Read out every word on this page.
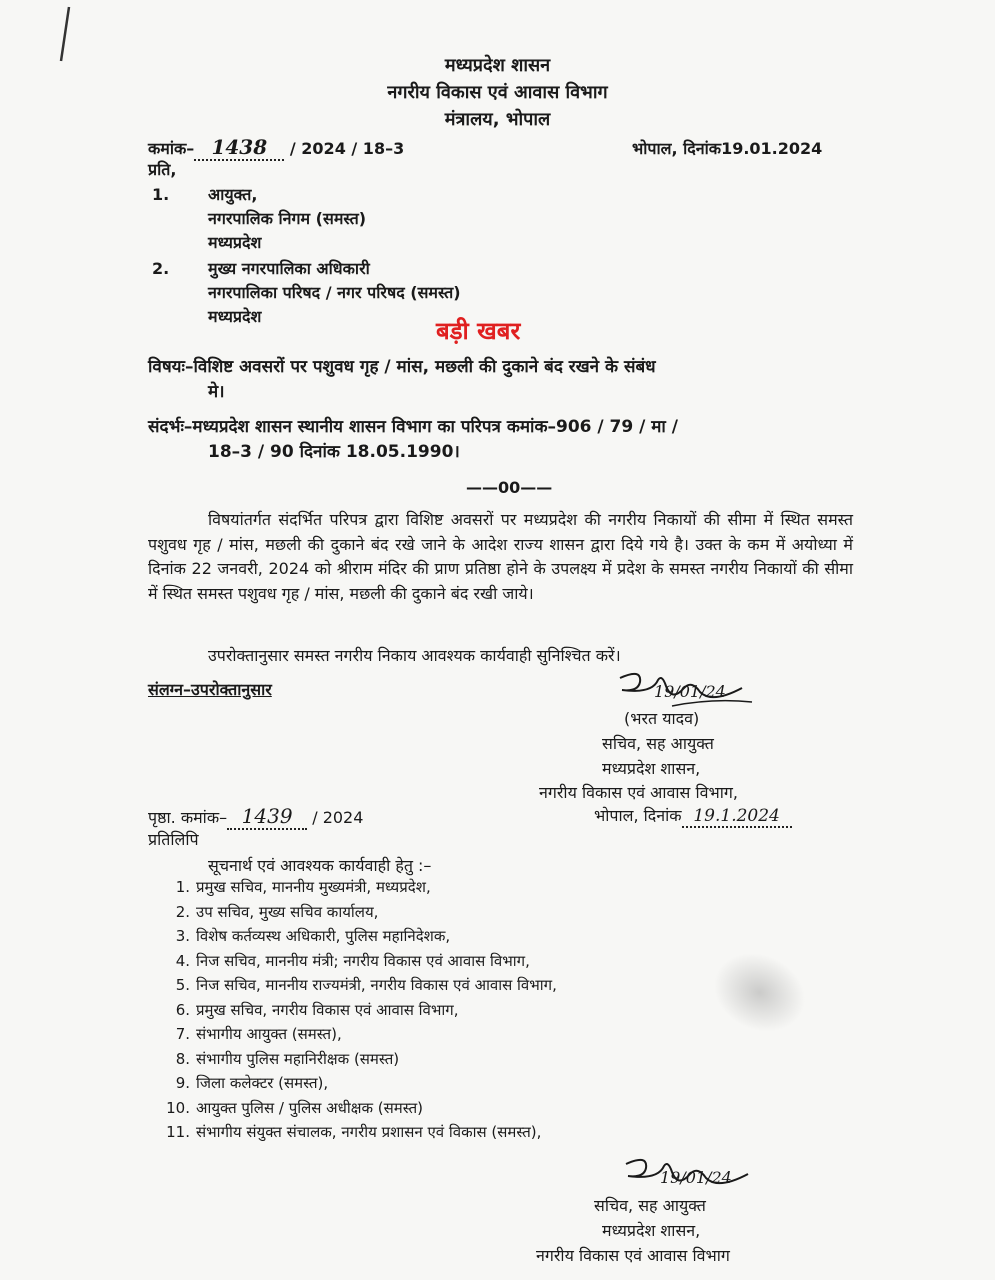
मध्यप्रदेश शासन
नगरीय विकास एवं आवास विभाग
मंत्रालय, भोपाल
कमांक– 1438 / 2024 / 18–3	भोपाल, दिनांक19.01.2024
प्रति,
1. आयुक्त,
नगरपालिक निगम (समस्त)
मध्यप्रदेश
2. मुख्य नगरपालिका अधिकारी
नगरपालिका परिषद / नगर परिषद (समस्त)
मध्यप्रदेश
बड़ी खबर
विषयः–विशिष्ट अवसरों पर पशुवध गृह / मांस, मछली की दुकाने बंद रखने के संबंध
मे।
संदर्भः–मध्यप्रदेश शासन स्थानीय शासन विभाग का परिपत्र कमांक–906 / 79 / मा /
18–3 / 90 दिनांक 18.05.1990।
——00——
विषयांतर्गत संदर्भित परिपत्र द्वारा विशिष्ट अवसरों पर मध्यप्रदेश की नगरीय निकायों की सीमा में स्थित समस्त पशुवध गृह / मांस, मछली की दुकाने बंद रखे जाने के आदेश राज्य शासन द्वारा दिये गये है। उक्त के कम में अयोध्या में दिनांक 22 जनवरी, 2024 को श्रीराम मंदिर की प्राण प्रतिष्ठा होने के उपलक्ष्य में प्रदेश के समस्त नगरीय निकायों की सीमा में स्थित समस्त पशुवध गृह / मांस, मछली की दुकाने बंद रखी जाये।
उपरोक्तानुसार समस्त नगरीय निकाय आवश्यक कार्यवाही सुनिश्चित करें।
संलग्न–उपरोक्तानुसार	19/01/24
(भरत यादव)
सचिव, सह आयुक्त
मध्यप्रदेश शासन,
नगरीय विकास एवं आवास विभाग,
भोपाल, दिनांक 19.1.2024
पृष्ठा. कमांक– 1439 / 2024
प्रतिलिपि
सूचनार्थ एवं आवश्यक कार्यवाही हेतु :–
1. प्रमुख सचिव, माननीय मुख्यमंत्री, मध्यप्रदेश,
2. उप सचिव, मुख्य सचिव कार्यालय,
3. विशेष कर्तव्यस्थ अधिकारी, पुलिस महानिदेशक,
4. निज सचिव, माननीय मंत्री; नगरीय विकास एवं आवास विभाग,
5. निज सचिव, माननीय राज्यमंत्री, नगरीय विकास एवं आवास विभाग,
6. प्रमुख सचिव, नगरीय विकास एवं आवास विभाग,
7. संभागीय आयुक्त (समस्त),
8. संभागीय पुलिस महानिरीक्षक (समस्त)
9. जिला कलेक्टर (समस्त),
10. आयुक्त पुलिस / पुलिस अधीक्षक (समस्त)
11. संभागीय संयुक्त संचालक, नगरीय प्रशासन एवं विकास (समस्त),
19/01/24
सचिव, सह आयुक्त
मध्यप्रदेश शासन,
नगरीय विकास एवं आवास विभाग
